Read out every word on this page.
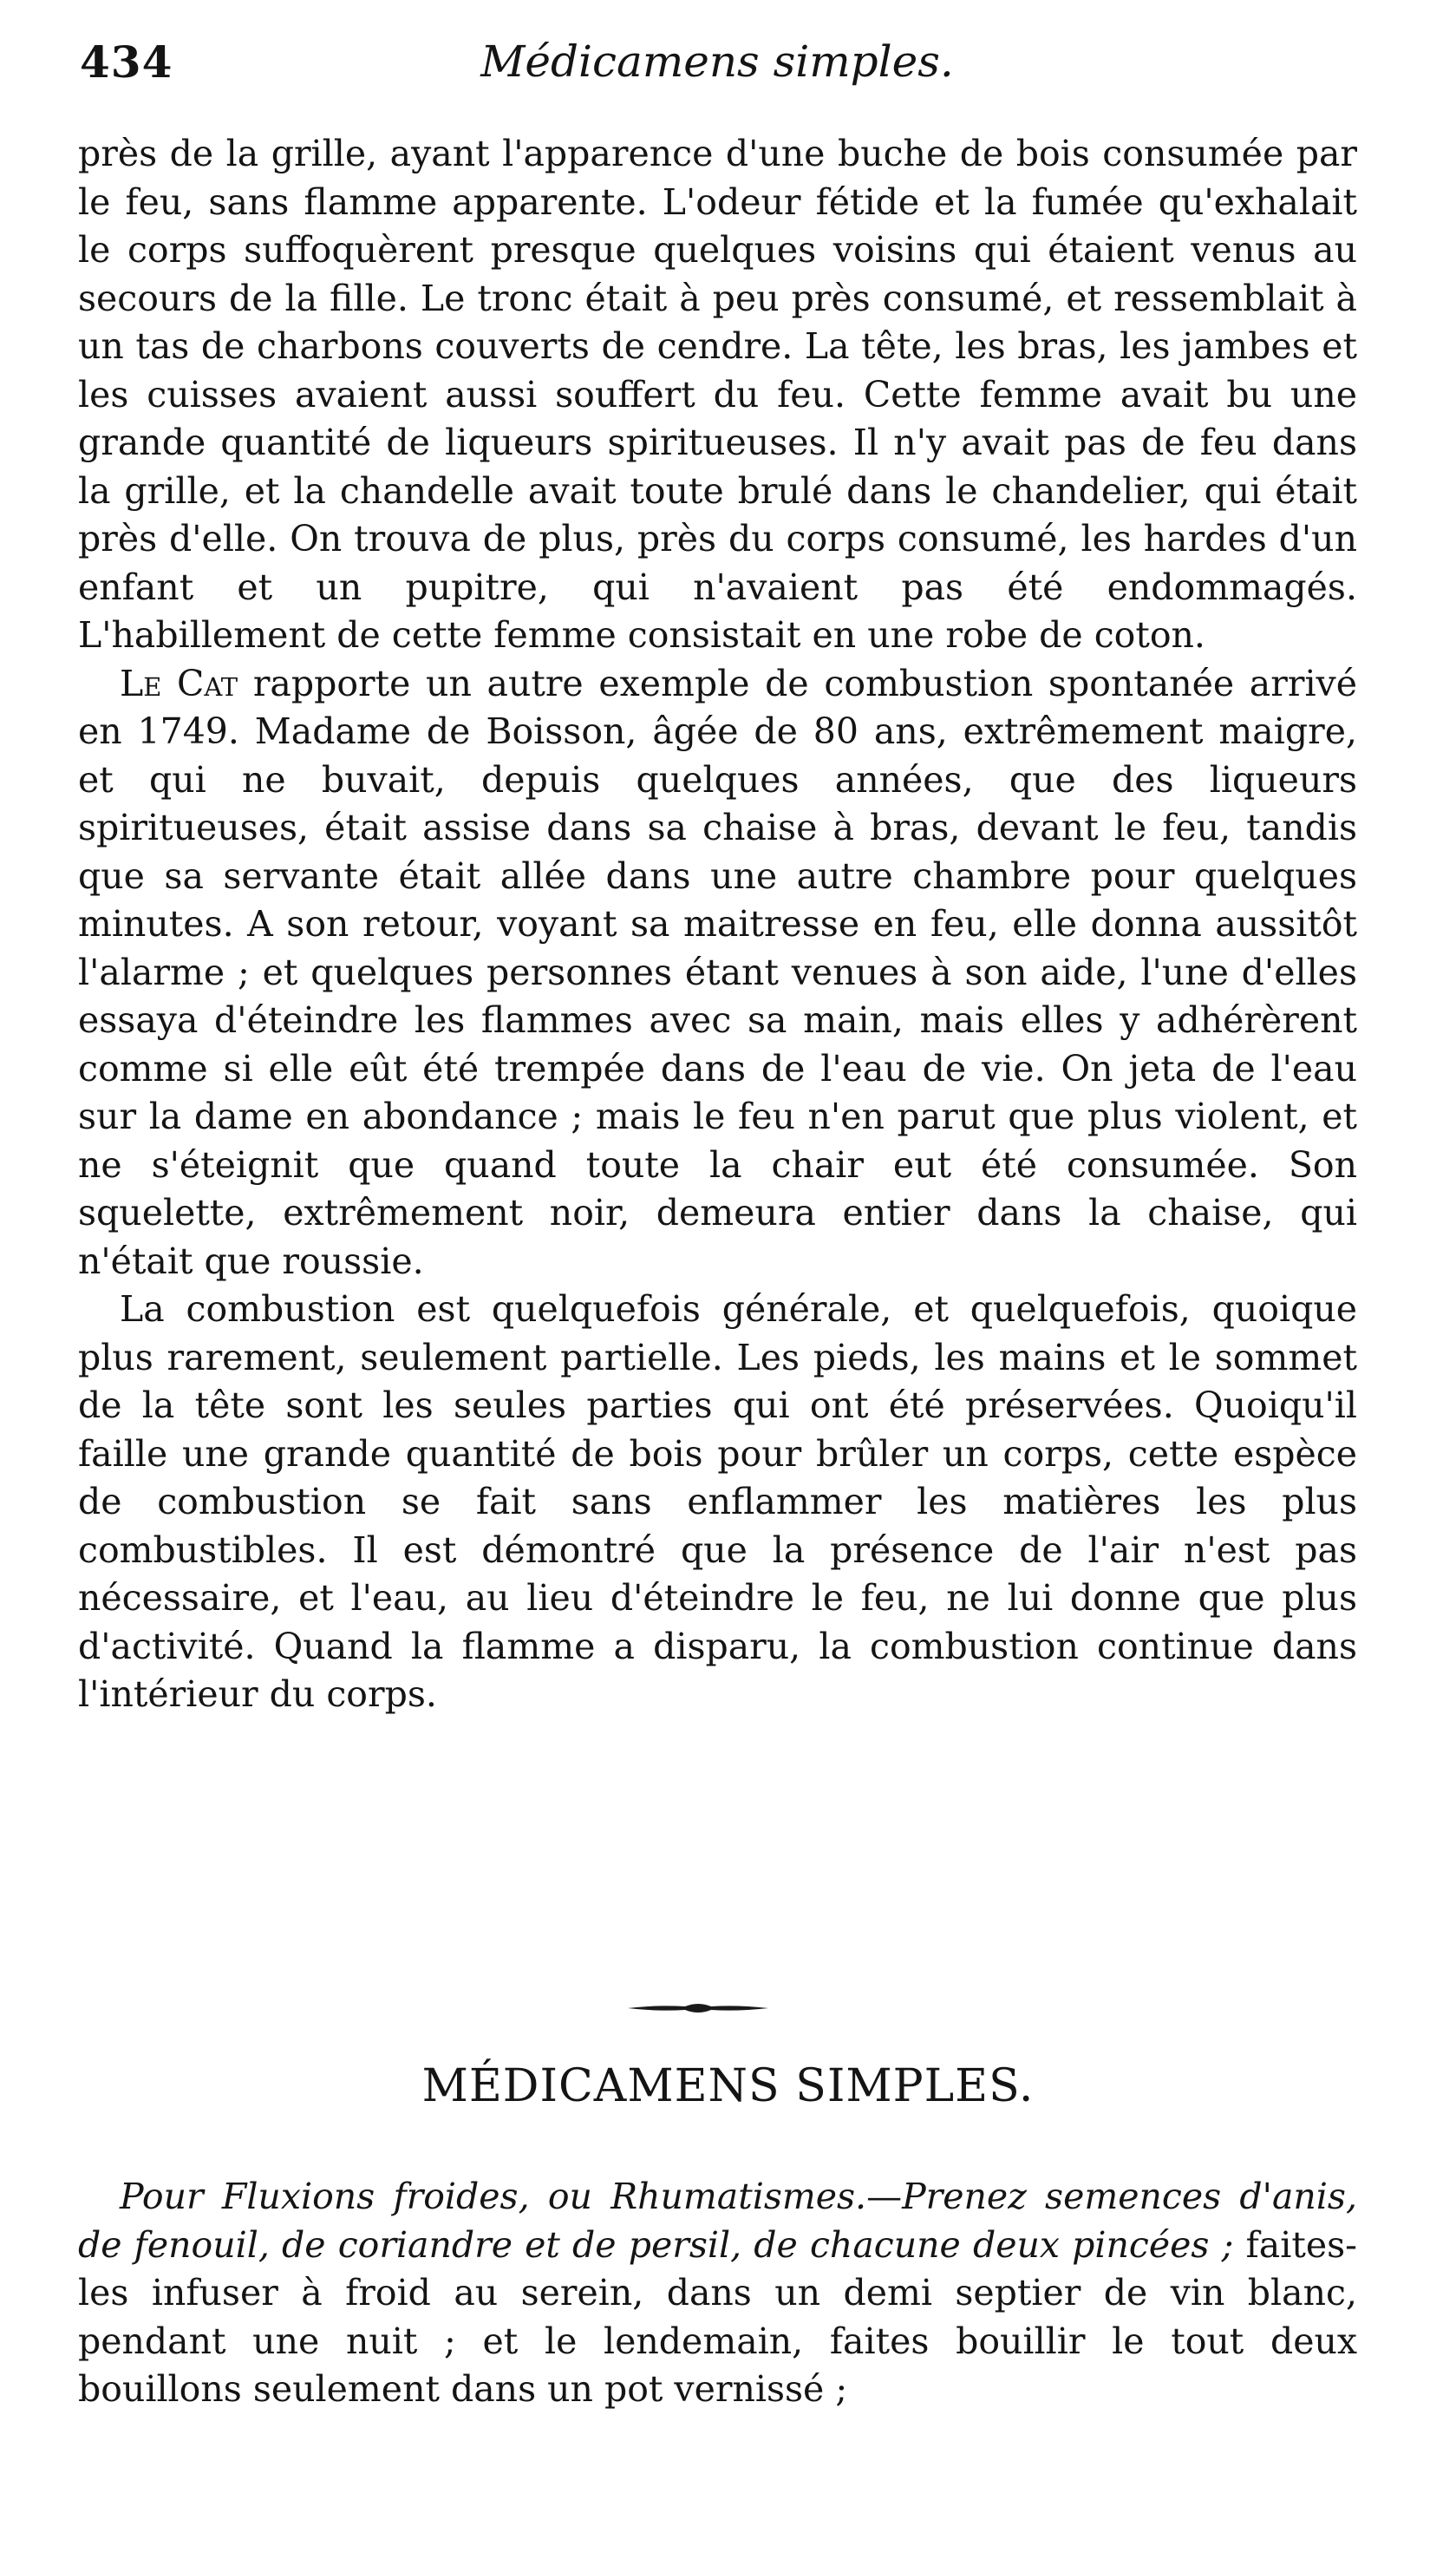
434	Médicamens simples.

près de la grille, ayant l'apparence d'une buche de bois consumée par le feu, sans flamme apparente. L'odeur fétide et la fumée qu'exhalait le corps suffoquèrent presque quelques voisins qui étaient venus au secours de la fille. Le tronc était à peu près consumé, et ressemblait à un tas de charbons couverts de cendre. La tête, les bras, les jambes et les cuisses avaient aussi souffert du feu. Cette femme avait bu une grande quantité de liqueurs spiritueuses. Il n'y avait pas de feu dans la grille, et la chandelle avait toute brulé dans le chandelier, qui était près d'elle. On trouva de plus, près du corps consumé, les hardes d'un enfant et un pupitre, qui n'avaient pas été endommagés. L'habillement de cette femme consistait en une robe de coton.

Le Cat rapporte un autre exemple de combustion spontanée arrivé en 1749. Madame de Boisson, âgée de 80 ans, extrêmement maigre, et qui ne buvait, depuis quelques années, que des liqueurs spiritueuses, était assise dans sa chaise à bras, devant le feu, tandis que sa servante était allée dans une autre chambre pour quelques minutes. A son retour, voyant sa maitresse en feu, elle donna aussitôt l'alarme ; et quelques personnes étant venues à son aide, l'une d'elles essaya d'éteindre les flammes avec sa main, mais elles y adhérèrent comme si elle eût été trempée dans de l'eau de vie. On jeta de l'eau sur la dame en abondance ; mais le feu n'en parut que plus violent, et ne s'éteignit que quand toute la chair eut été consumée. Son squelette, extrêmement noir, demeura entier dans la chaise, qui n'était que roussie.

La combustion est quelquefois générale, et quelquefois, quoique plus rarement, seulement partielle. Les pieds, les mains et le sommet de la tête sont les seules parties qui ont été préservées. Quoiqu'il faille une grande quantité de bois pour brûler un corps, cette espèce de combustion se fait sans enflammer les matières les plus combustibles. Il est démontré que la présence de l'air n'est pas nécessaire, et l'eau, au lieu d'éteindre le feu, ne lui donne que plus d'activité. Quand la flamme a disparu, la combustion continue dans l'intérieur du corps.

MÉDICAMENS SIMPLES.

Pour Fluxions froides, ou Rhumatismes.—Prenez semences d'anis, de fenouil, de coriandre et de persil, de chacune deux pincées ; faites-les infuser à froid au serein, dans un demi septier de vin blanc, pendant une nuit ; et le lendemain, faites bouillir le tout deux bouillons seulement dans un pot vernissé ;
